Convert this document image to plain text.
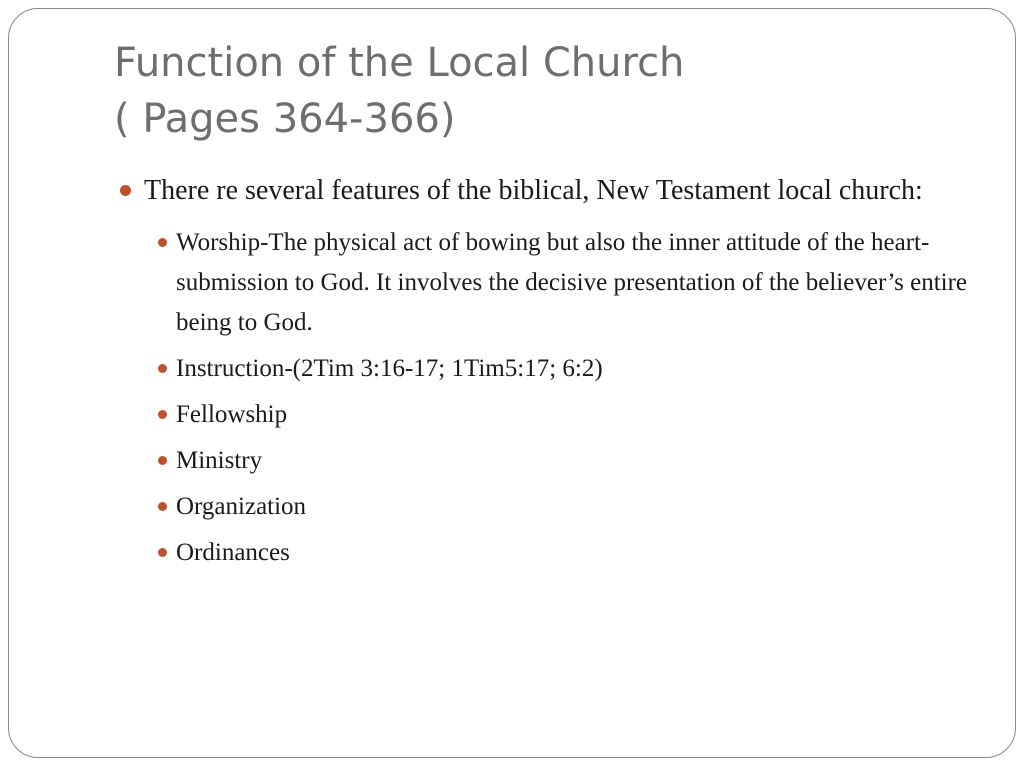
Function of the Local Church
( Pages 364-366)
There re several features of the biblical, New Testament local church:
Worship-The physical act of bowing but also the inner attitude of the heart-submission to God. It involves the decisive presentation of the believer’s entire being to God.
Instruction-(2Tim 3:16-17; 1Tim5:17; 6:2)
Fellowship
Ministry
Organization
Ordinances
